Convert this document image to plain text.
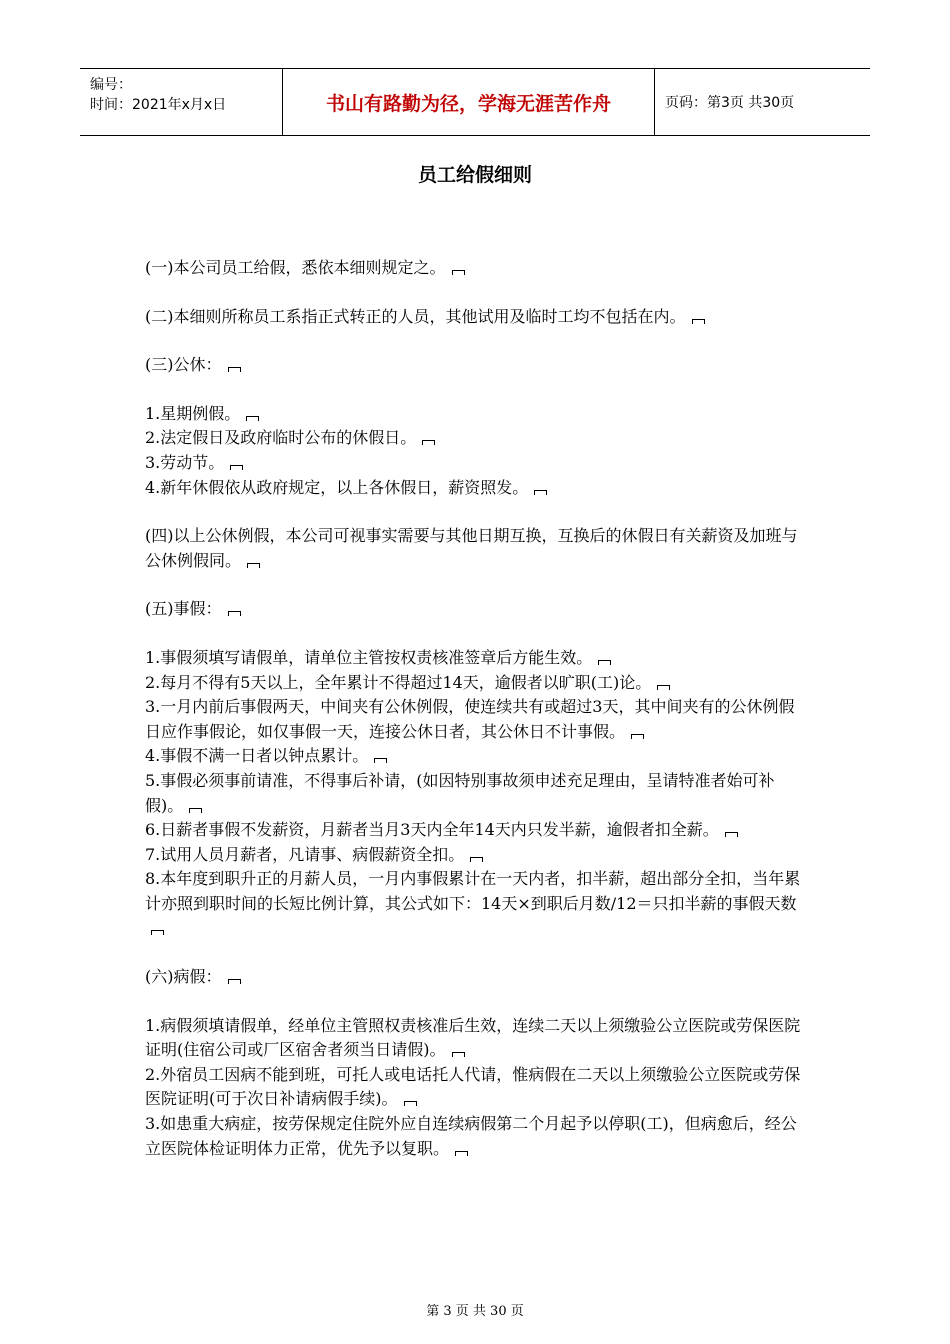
编号：
时间：2021年x月x日	书山有路勤为径，学海无涯苦作舟	页码：第3页 共30页
员工给假细则
(一)本公司员工给假，悉依本细则规定之。
(二)本细则所称员工系指正式转正的人员，其他试用及临时工均不包括在内。
(三)公休：
1.星期例假。
2.法定假日及政府临时公布的休假日。
3.劳动节。
4.新年休假依从政府规定，以上各休假日，薪资照发。
(四)以上公休例假，本公司可视事实需要与其他日期互换，互换后的休假日有关薪资及加班与公休例假同。
(五)事假：
1.事假须填写请假单，请单位主管按权责核准签章后方能生效。
2.每月不得有5天以上，全年累计不得超过14天，逾假者以旷职(工)论。
3.一月内前后事假两天，中间夹有公休例假，使连续共有或超过3天，其中间夹有的公休例假日应作事假论，如仅事假一天，连接公休日者，其公休日不计事假。
4.事假不满一日者以钟点累计。
5.事假必须事前请准，不得事后补请，(如因特别事故须申述充足理由，呈请特准者始可补假)。
6.日薪者事假不发薪资，月薪者当月3天内全年14天内只发半薪，逾假者扣全薪。
7.试用人员月薪者，凡请事、病假薪资全扣。
8.本年度到职升正的月薪人员，一月内事假累计在一天内者，扣半薪，超出部分全扣，当年累计亦照到职时间的长短比例计算，其公式如下：14天×到职后月数/12＝只扣半薪的事假天数
(六)病假：
1.病假须填请假单，经单位主管照权责核准后生效，连续二天以上须缴验公立医院或劳保医院证明(住宿公司或厂区宿舍者须当日请假)。
2.外宿员工因病不能到班，可托人或电话托人代请，惟病假在二天以上须缴验公立医院或劳保医院证明(可于次日补请病假手续)。
3.如患重大病症，按劳保规定住院外应自连续病假第二个月起予以停职(工)，但病愈后，经公立医院体检证明体力正常，优先予以复职。
第 3 页 共 30 页
